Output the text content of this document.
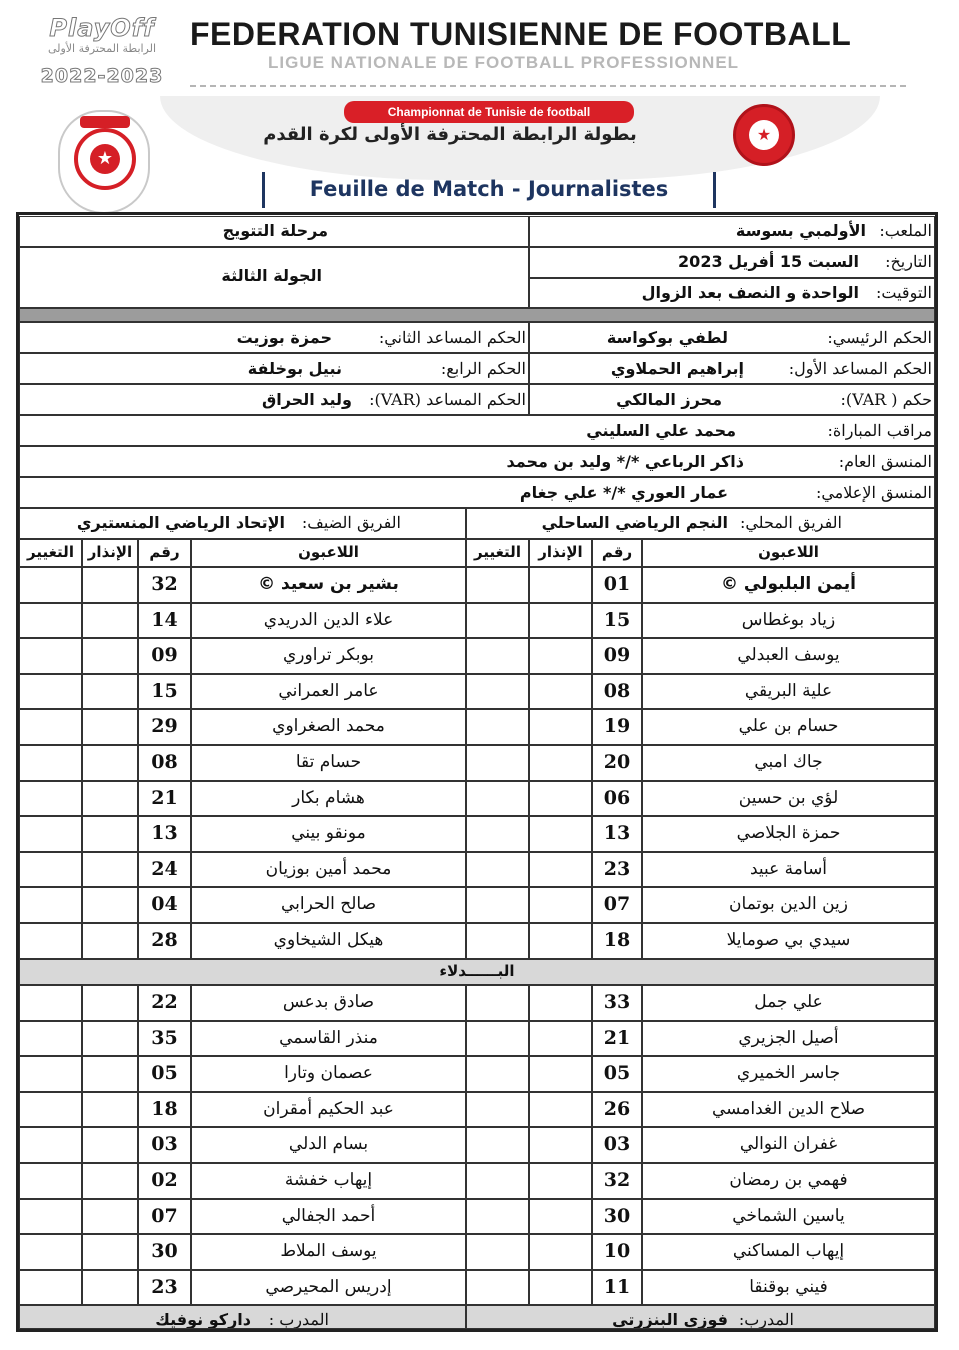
PlayOff
الرابطة المحترفة الأولى
2022-2023
★
FEDERATION TUNISIENNE DE FOOTBALL
LIGUE NATIONALE DE FOOTBALL PROFESSIONNEL
Championnat de Tunisie de football
بطولة الرابطة المحترفة الأولى لكرة القدم	★
Feuille de Match - Journalistes
الملعب:
الأولمبي بسوسة
التاريخ:
السبت 15 أفريل 2023
التوقيت:
الواحدة و النصف بعد الزوال
مرحلة التتويج
الجولة الثالثة
الحكم الرئيسي:
لطفي بوكواسة
الحكم المساعد الثاني:
حمزة بوزيت
الحكم المساعد الأول:
إبراهيم الحملاوي
الحكم الرابع:
نبيل بوخلفة
حكم ( VAR):
محرز المالكي
الحكم المساعد (VAR):
وليد الحراق
مراقب المباراة:
محمد علي السليني
المنسق العام:
ذاكر الرباعي */* وليد بن محمد
المنسق الإعلامي:
عمار العوري */* علي جغام
الفريق المحلي:
النجم الرياضي الساحلي
الفريق الضيف:
الإتحاد الرياضي المنستيري
اللاعبون
رقم
الإنذار
التغيير
اللاعبون
رقم
الإنذار
التغيير
أيمن البلبولي ©
01
زياد بوغطاس
15
يوسف العبدلي
09
علية البريقي
08
حسام بن علي
19
جاك امبي
20
لؤي بن حسين
06
حمزة الجلاصي
13
أسامة عبيد
23
زين الدين بوتمان
07
سيدي بي صومايلا
18
بشير بن سعيد ©
32
علاء الدين الدريدي
14
بوبكر تراوري
09
عامر العمراني
15
محمد الصغراوي
29
حسام تقا
08
هشام بكار
21
مونقو بيني
13
محمد أمين بوزيان
24
صالح الحرابي
04
هيكل الشيخاوي
28
البــــــدلاء
علي جمل
33
أصيل الجزيري
21
جاسر الخميري
05
صلاح الدين الغدامسي
26
غفران النوالي
03
فهمي بن رمضان
32
ياسين الشماخي
30
إيهاب المساكني
10
فيني بوقنقا
11
صادق بدعس
22
منذر القاسمي
35
عصمان وتارا
05
عبد الحكيم أمقران
18
بسام الدلي
03
إيهاب خفشة
02
أحمد الجفالي
07
يوسف الملاط
30
إدريس المحيرصي
23
المدرب:
فوزي البنزرتي
المدرب :
داركو نوفيك
